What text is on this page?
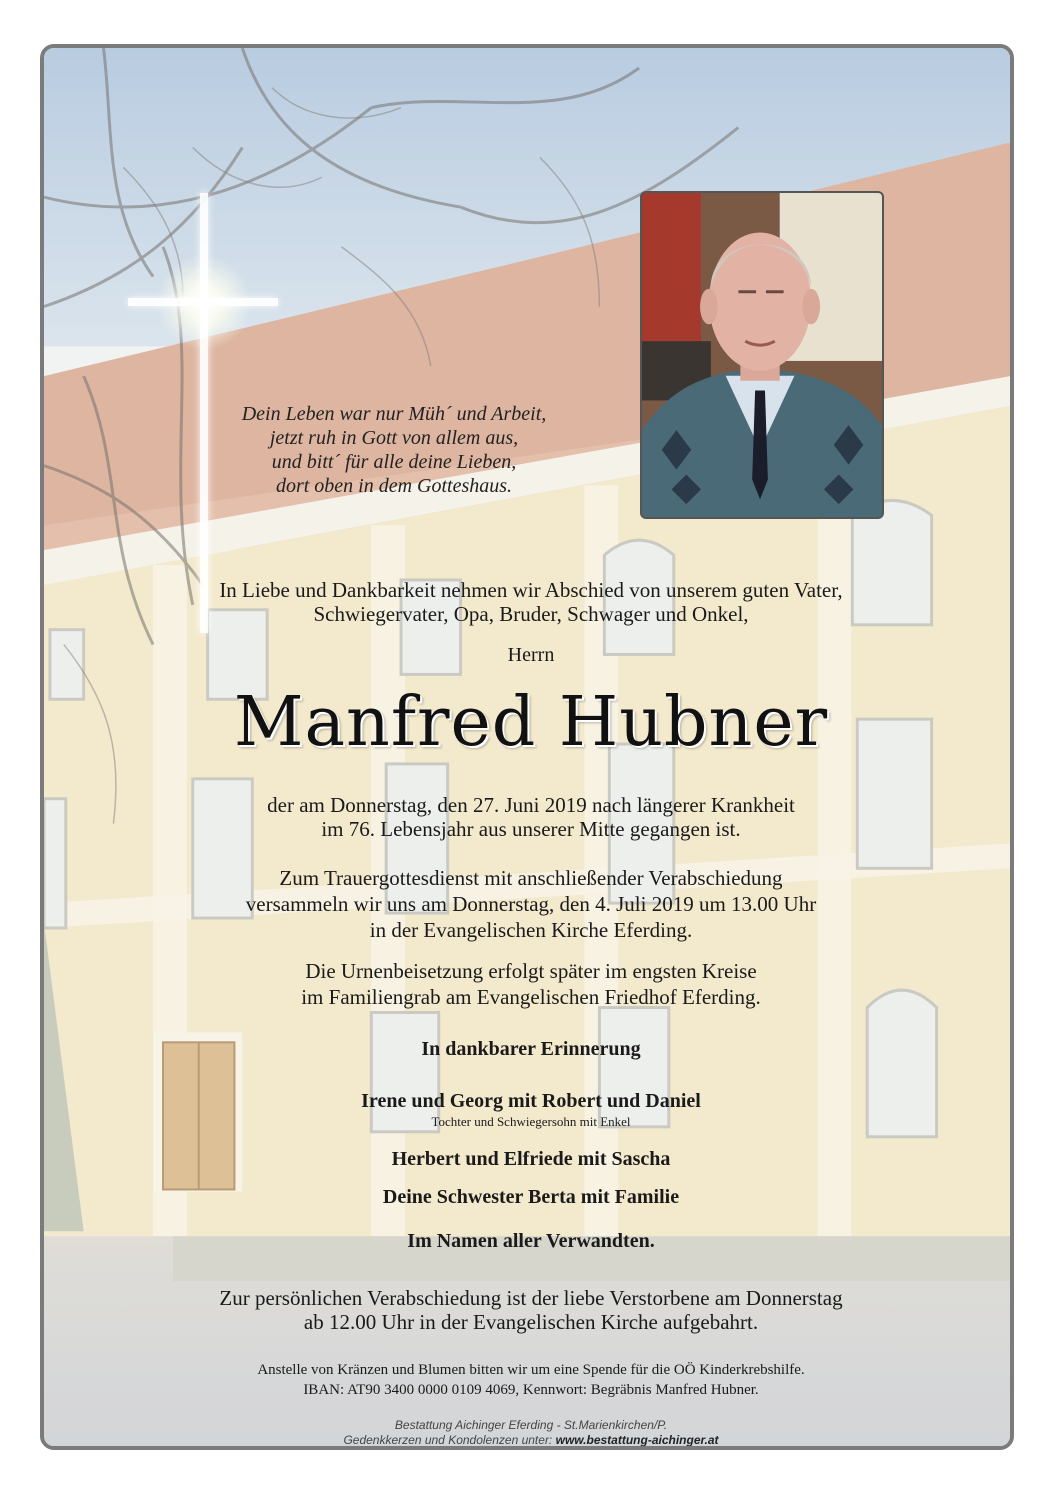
Dein Leben war nur Müh´ und Arbeit,
jetzt ruh in Gott von allem aus,
und bitt´ für alle deine Lieben,
dort oben in dem Gotteshaus.
In Liebe und Dankbarkeit nehmen wir Abschied von unserem guten Vater,
Schwiegervater, Opa, Bruder, Schwager und Onkel,
Herrn
Manfred Hubner
der am Donnerstag, den 27. Juni 2019 nach längerer Krankheit
im 76. Lebensjahr aus unserer Mitte gegangen ist.
Zum Trauergottesdienst mit anschließender Verabschiedung
versammeln wir uns am Donnerstag, den 4. Juli 2019 um 13.00 Uhr
in der Evangelischen Kirche Eferding.
Die Urnenbeisetzung erfolgt später im engsten Kreise
im Familiengrab am Evangelischen Friedhof Eferding.
In dankbarer Erinnerung
Irene und Georg mit Robert und Daniel
Tochter und Schwiegersohn mit Enkel
Herbert und Elfriede mit Sascha
Deine Schwester Berta mit Familie
Im Namen aller Verwandten.
Zur persönlichen Verabschiedung ist der liebe Verstorbene am Donnerstag
ab 12.00 Uhr in der Evangelischen Kirche aufgebahrt.
Anstelle von Kränzen und Blumen bitten wir um eine Spende für die OÖ Kinderkrebshilfe.
IBAN: AT90 3400 0000 0109 4069, Kennwort: Begräbnis Manfred Hubner.
Bestattung Aichinger Eferding - St.Marienkirchen/P.
Gedenkkerzen und Kondolenzen unter: www.bestattung-aichinger.at
